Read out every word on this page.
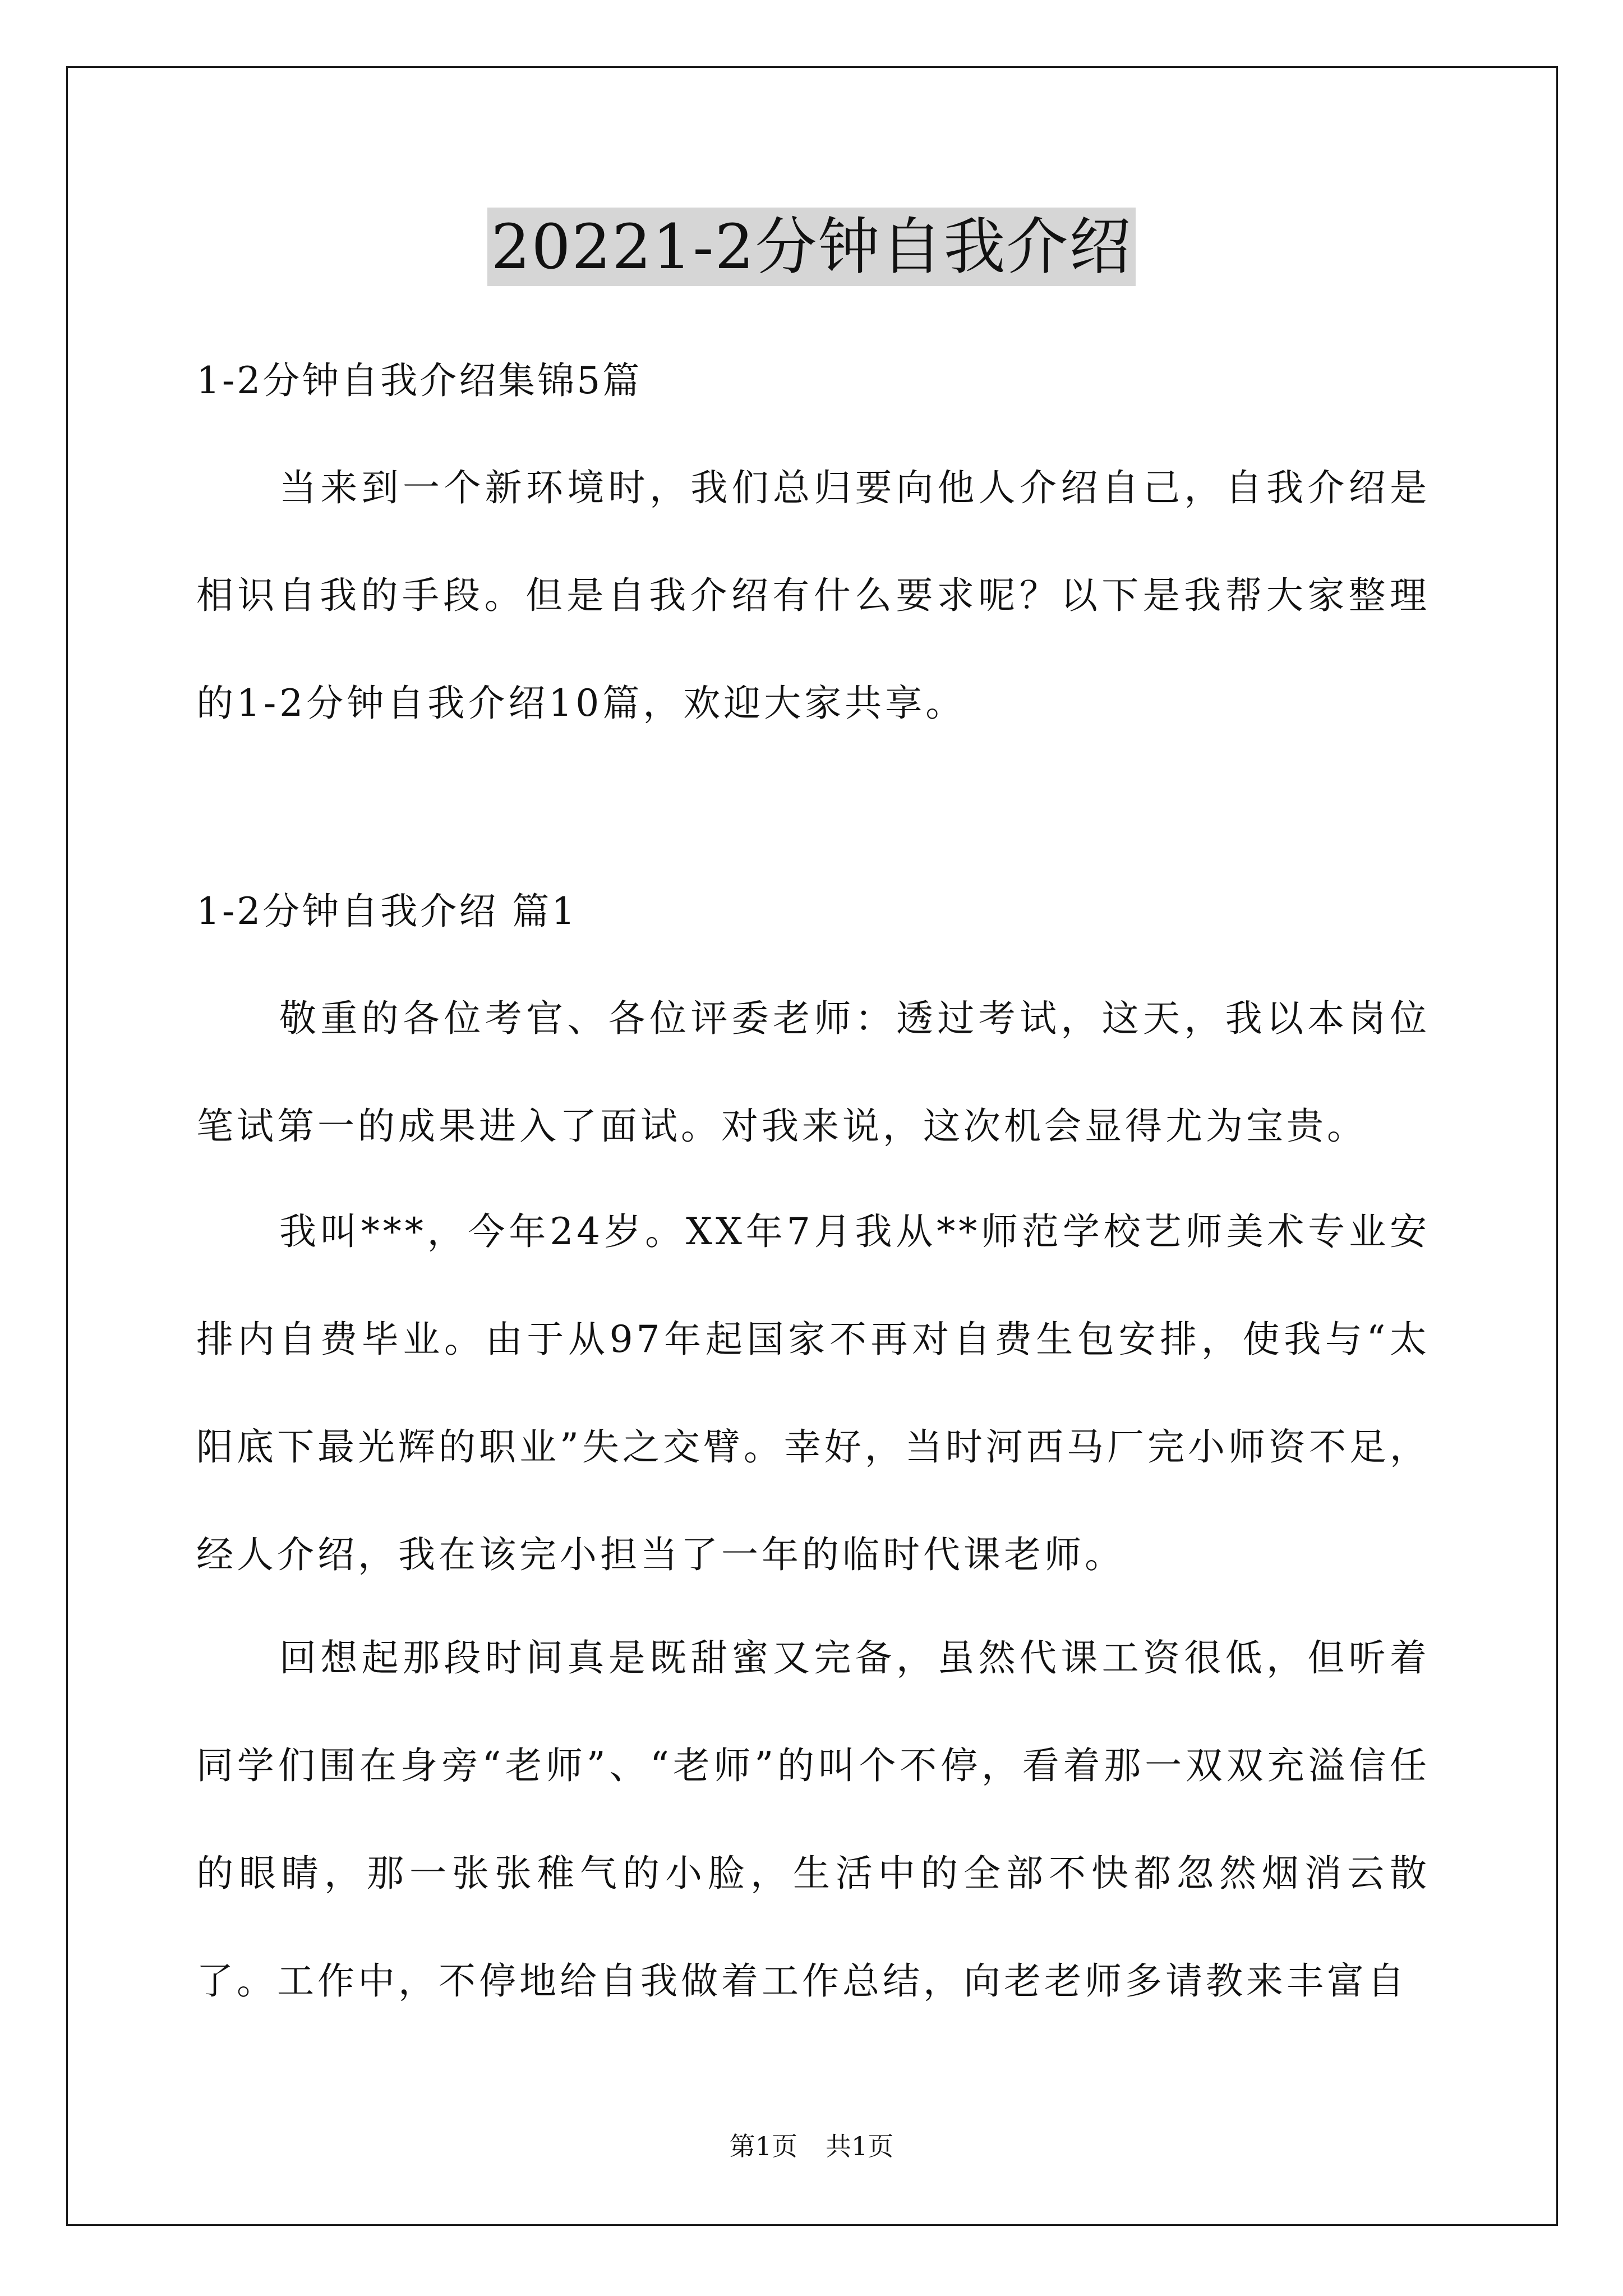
20221-2分钟自我介绍

1-2分钟自我介绍集锦5篇

当来到一个新环境时，我们总归要向他人介绍自己，自我介绍是相识自我的手段。但是自我介绍有什么要求呢？以下是我帮大家整理的1-2分钟自我介绍10篇，欢迎大家共享。

1-2分钟自我介绍 篇1

敬重的各位考官、各位评委老师：透过考试，这天，我以本岗位笔试第一的成果进入了面试。对我来说，这次机会显得尤为宝贵。

我叫***，今年24岁。XX年7月我从**师范学校艺师美术专业安排内自费毕业。由于从97年起国家不再对自费生包安排，使我与“太阳底下最光辉的职业”失之交臂。幸好，当时河西马厂完小师资不足，经人介绍，我在该完小担当了一年的临时代课老师。

回想起那段时间真是既甜蜜又完备，虽然代课工资很低，但听着同学们围在身旁“老师”、“老师”的叫个不停，看着那一双双充溢信任的眼睛，那一张张稚气的小脸，生活中的全部不快都忽然烟消云散了。工作中，不停地给自我做着工作总结，向老老师多请教来丰富自

第1页 共1页
